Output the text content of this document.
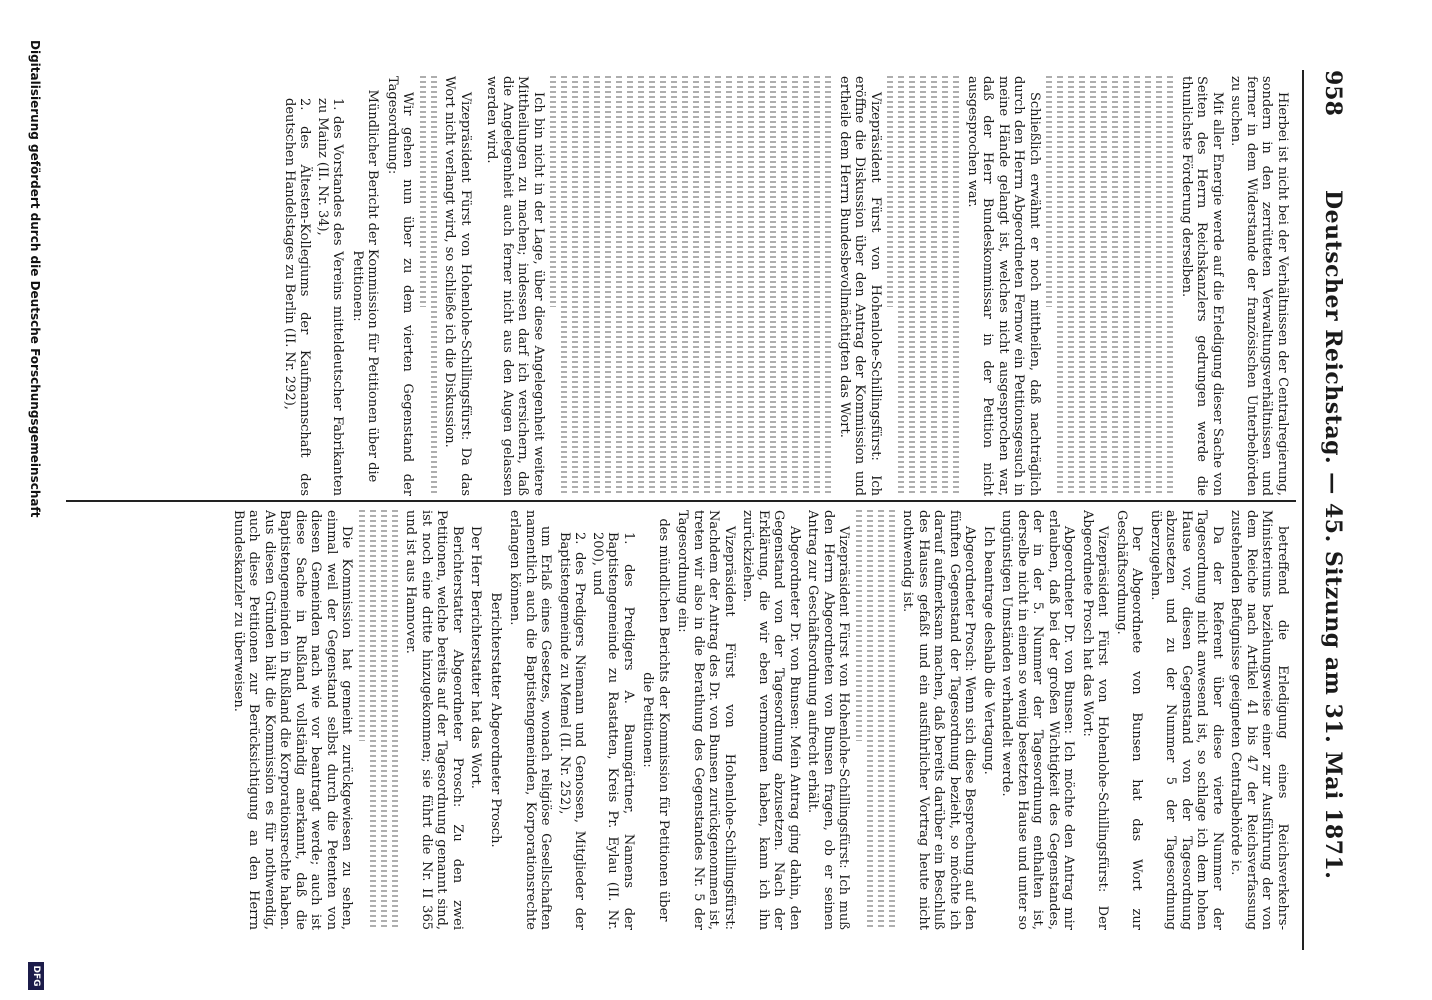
958
Deutscher Reichstag. — 45. Sitzung am 31. Mai 1871.

Hierbei ist nicht bei der Verhältnissen der Centralregierung, sondern in den zerrütteten Verwaltungsverhältnissen und ferner in dem Widerstande der französischen Unterbehörden zu suchen.

Mit aller Energie werde auf die Erledigung dieser Sache von Seiten des Herrn Reichskanzlers gedrungen werde die thunlichste Förderung derselben.

Schließlich erwähnt er noch mittheilen, daß nachträglich durch den Herrn Abgeordneten Fernow ein Petitionsgesuch in meine Hände gelangt ist, welches nicht ausgesprochen war, daß der Herr Bundeskommissar in der Petition nicht ausgesprochen war.

Vizepräsident Fürst von Hohenlohe-Schillingsfürst: Ich eröffne die Diskussion über den Antrag der Kommission und ertheile dem Herrn Bundesbevollmächtigten das Wort.

Ich bin nicht in der Lage, über diese Angelegenheit weitere Mittheilungen zu machen; indessen darf ich versichern, daß die Angelegenheit auch ferner nicht aus den Augen gelassen werden wird.

Vizepräsident Fürst von Hohenlohe-Schillingsfürst: Da das Wort nicht verlangt wird, so schließe ich die Diskussion.

Wir gehen nun über zu dem vierten Gegenstand der Tagesordnung:

Mündlicher Bericht der Kommission für Petitionen über die Petitionen:

1. des Vorstandes des Vereins mitteldeutscher Fabrikanten zu Mainz (II. Nr. 34),
2. des Ältesten-Kollegiums der Kaufmannschaft des deutschen Handelstages zu Berlin (II. Nr. 292),

betreffend die Erledigung eines Reichsverkehrs-Ministeriums beziehungsweise einer zur Ausführung der von dem Reiche nach Artikel 41 bis 47 der Reichsverfassung zustehenden Befugnisse geeigneten Centralbehörde ic.

Da der Referent über diese vierte Nummer der Tagesordnung nicht anwesend ist, so schlage ich dem hohen Hause vor, diesen Gegenstand von der Tagesordnung abzusetzen und zu der Nummer 5 der Tagesordnung überzugehen.

Der Abgeordnete von Bunsen hat das Wort zur Geschäftsordnung.

Vizepräsident Fürst von Hohenlohe-Schillingsfürst: Der Abgeordnete Prosch hat das Wort:

Abgeordneter Dr. von Bunsen: Ich möchte den Antrag mir erlauben, daß bei der großen Wichtigkeit des Gegenstandes, der in der 5. Nummer der Tagesordnung enthalten ist, derselbe nicht in einem so wenig besetzten Hause und unter so ungünstigen Umständen verhandelt werde.

Ich beantrage deshalb die Vertagung.

Abgeordneter Prosch: Wenn sich diese Besprechung auf den fünften Gegenstand der Tagesordnung bezieht, so möchte ich darauf aufmerksam machen, daß bereits darüber ein Beschluß des Hauses gefaßt und ein ausführlicher Vortrag heute nicht nothwendig ist.

Vizepräsident Fürst von Hohenlohe-Schillingsfürst: Ich muß den Herrn Abgeordneten von Bunsen fragen, ob er seinen Antrag zur Geschäftsordnung aufrecht erhält.

Abgeordneter Dr. von Bunsen: Mein Antrag ging dahin, den Gegenstand von der Tagesordnung abzusetzen. Nach der Erklärung, die wir eben vernommen haben, kann ich ihn zurückziehen.

Vizepräsident Fürst von Hohenlohe-Schillingsfürst: Nachdem der Antrag des Dr. von Bunsen zurückgenommen ist, treten wir also in die Berathung des Gegenstandes Nr. 5 der Tagesordnung ein:

des mündlichen Berichts der Kommission für Petitionen über die Petitionen:

1. des Predigers A. Baumgärtner, Namens der Baptistengemeinde zu Rastatten, Kreis Pr. Eylau (II. Nr. 200), und
2. des Predigers Niemann und Genossen, Mitglieder der Baptistengemeinde zu Memel (II. Nr. 252),

um Erlaß eines Gesetzes, wonach religiöse Gesellschaften namentlich auch die Baptistengemeinden, Korporationsrechte erlangen können.

Berichterstatter Abgeordneter Prosch.

Der Herr Berichterstatter hat das Wort.

Berichterstatter Abgeordneter Prosch: Zu den zwei Petitionen, welche bereits auf der Tagesordnung genannt sind, ist noch eine dritte hinzugekommen; sie führt die Nr. II 365 und ist aus Hannover.

Die Kommission hat gemeint zurückgewiesen zu sehen, einmal weil der Gegenstand selbst durch die Petenten von diesen Gemeinden nach wie vor beantragt werde; auch ist diese Sache in Rußland vollständig anerkannt, daß die Baptistengemeinden in Rußland die Korporationsrechte haben. Aus diesen Gründen hält die Kommission es für nothwendig, auch diese Petitionen zur Berücksichtigung an den Herrn Bundeskanzler zu überweisen.

Digitalisierung gefördert durch die Deutsche Forschungsgemeinschaft
DFG
